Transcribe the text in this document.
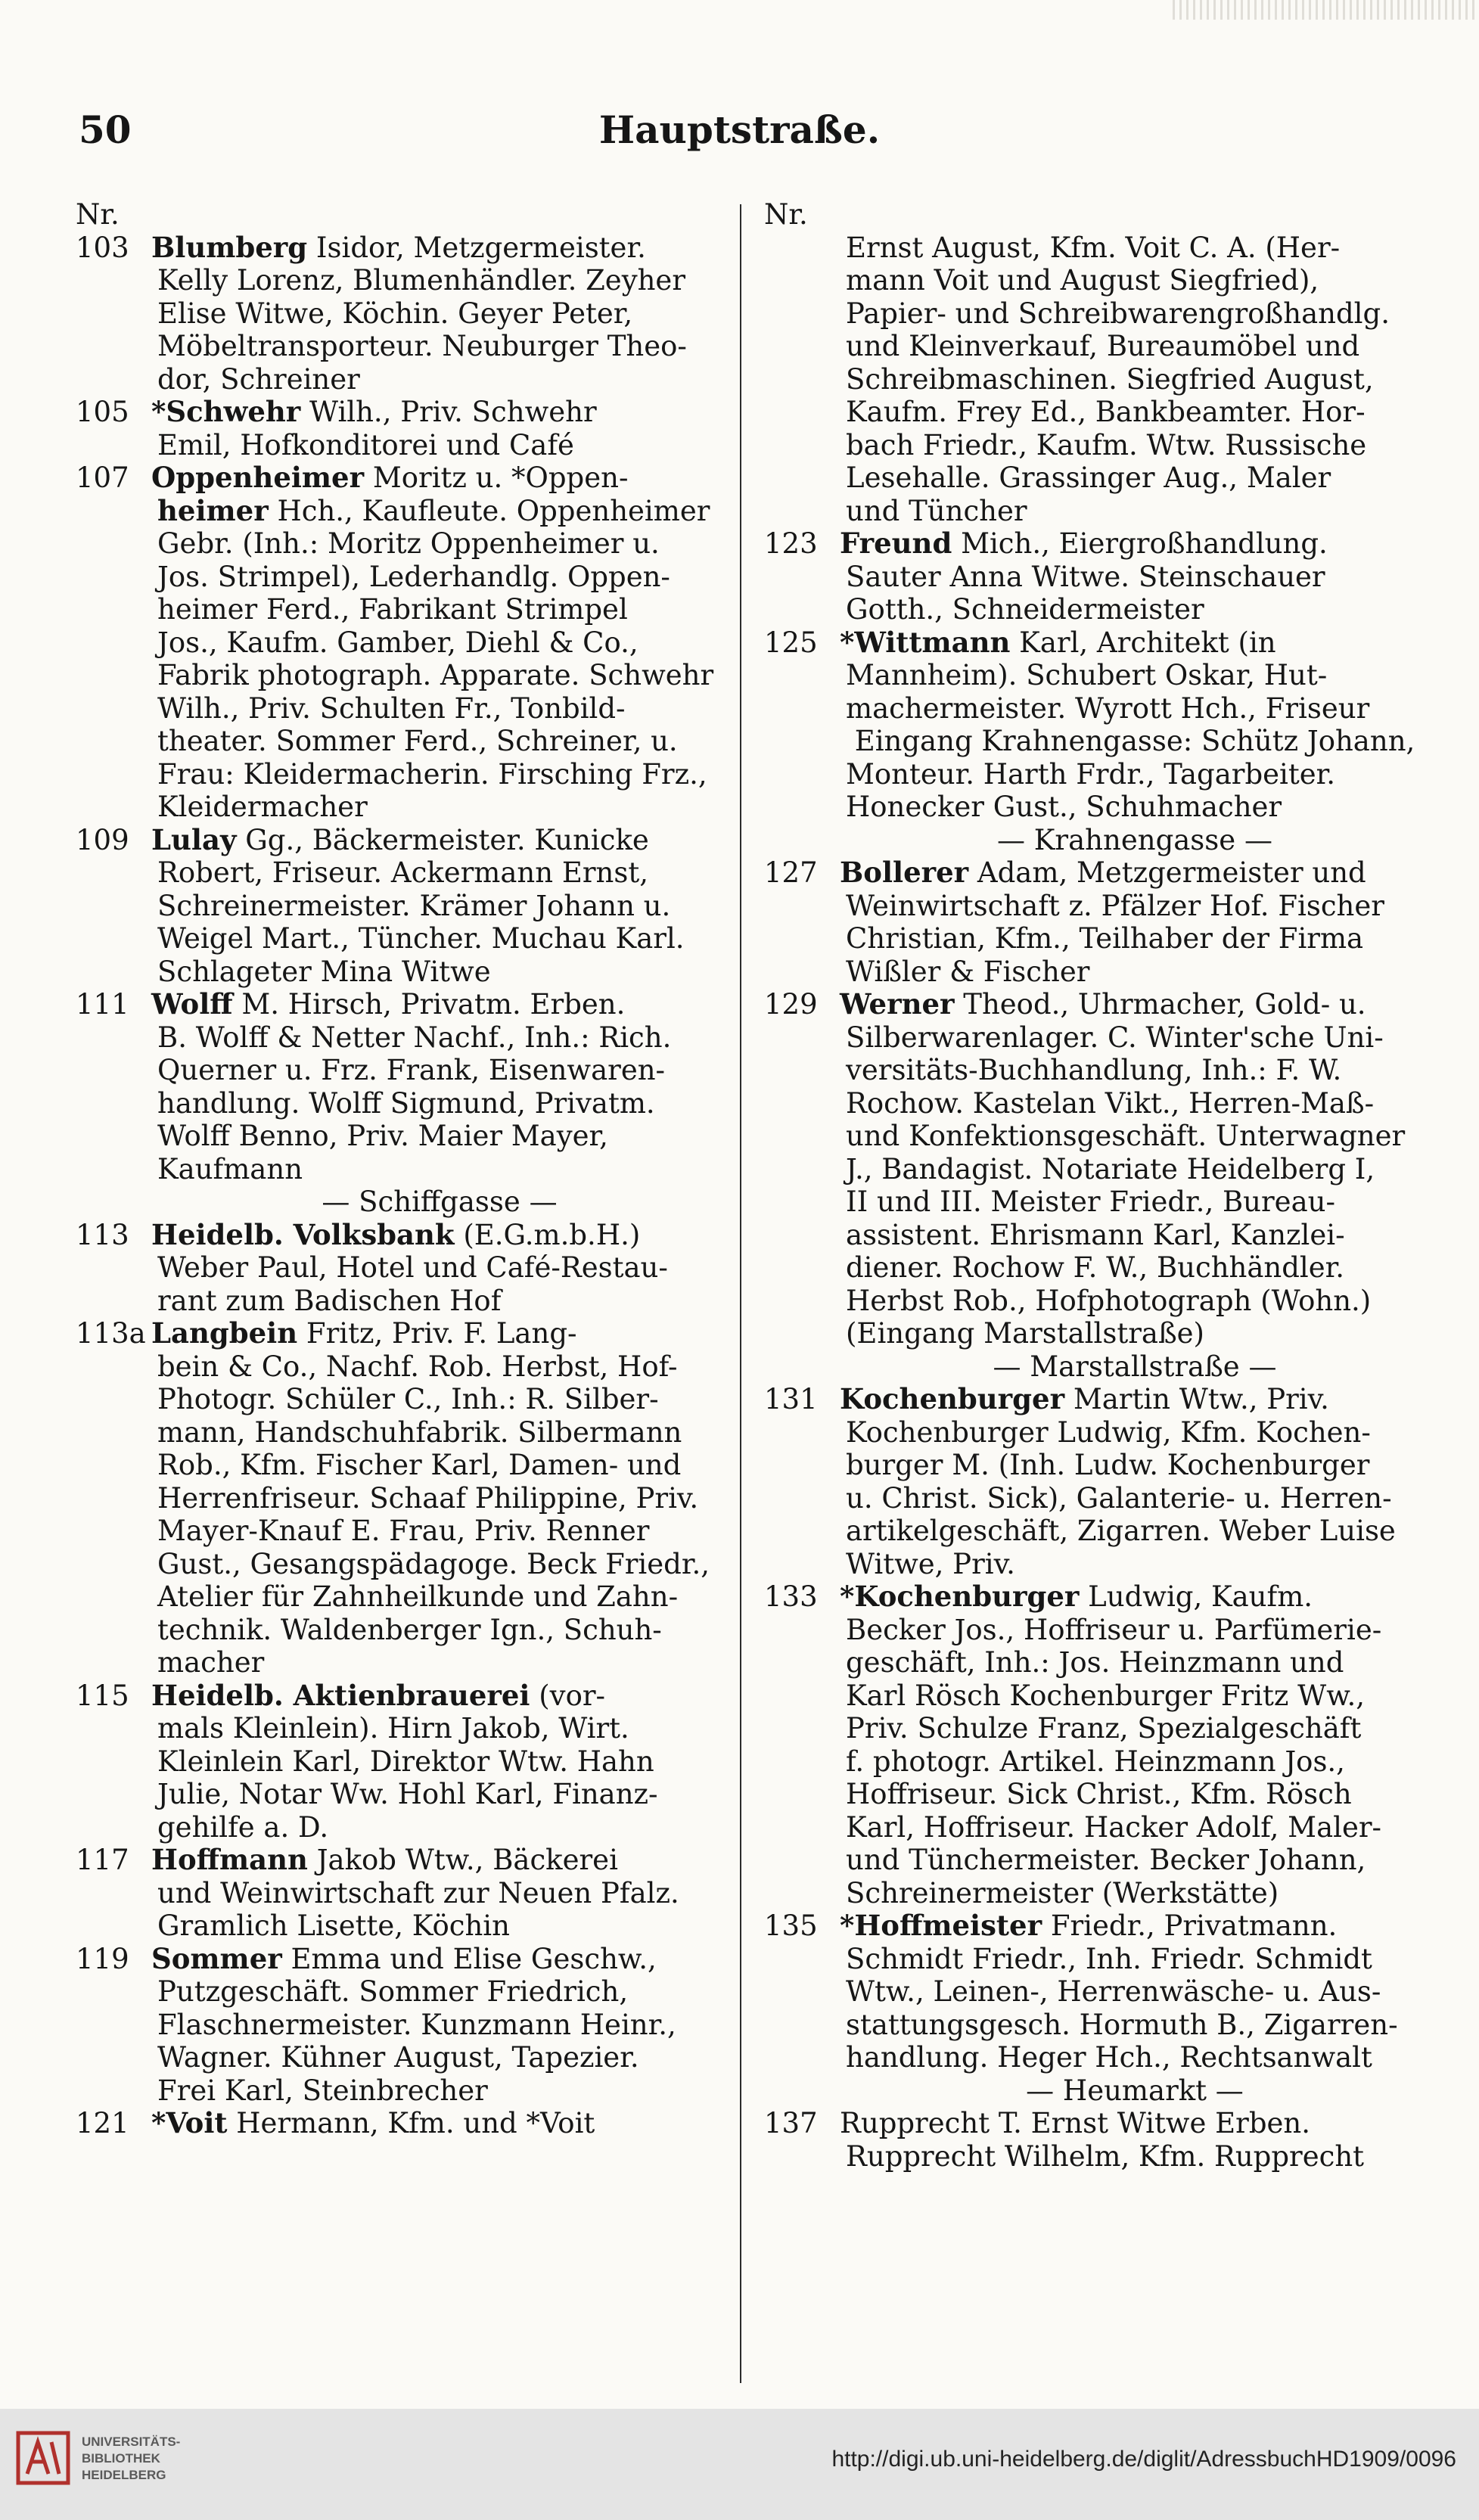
50	Hauptstraße.
Nr.
103 Blumberg Isidor, Metzgermeister.
Kelly Lorenz, Blumenhändler. Zeyher
Elise Witwe, Köchin. Geyer Peter,
Möbeltransporteur. Neuburger Theo-
dor, Schreiner
105 *Schwehr Wilh., Priv. Schwehr
Emil, Hofkonditorei und Café
107 Oppenheimer Moritz u. *Oppen-
heimer Hch., Kaufleute. Oppenheimer
Gebr. (Inh.: Moritz Oppenheimer u.
Jos. Strimpel), Lederhandlg. Oppen-
heimer Ferd., Fabrikant Strimpel
Jos., Kaufm. Gamber, Diehl & Co.,
Fabrik photograph. Apparate. Schwehr
Wilh., Priv. Schulten Fr., Tonbild-
theater. Sommer Ferd., Schreiner, u.
Frau: Kleidermacherin. Firsching Frz.,
Kleidermacher
109 Lulay Gg., Bäckermeister. Kunicke
Robert, Friseur. Ackermann Ernst,
Schreinermeister. Krämer Johann u.
Weigel Mart., Tüncher. Muchau Karl.
Schlageter Mina Witwe
111 Wolff M. Hirsch, Privatm. Erben.
B. Wolff & Netter Nachf., Inh.: Rich.
Querner u. Frz. Frank, Eisenwaren-
handlung. Wolff Sigmund, Privatm.
Wolff Benno, Priv. Maier Mayer,
Kaufmann
— Schiffgasse —
113 Heidelb. Volksbank (E.G.m.b.H.)
Weber Paul, Hotel und Café-Restau-
rant zum Badischen Hof
113a Langbein Fritz, Priv. F. Lang-
bein & Co., Nachf. Rob. Herbst, Hof-
Photogr. Schüler C., Inh.: R. Silber-
mann, Handschuhfabrik. Silbermann
Rob., Kfm. Fischer Karl, Damen- und
Herrenfriseur. Schaaf Philippine, Priv.
Mayer-Knauf E. Frau, Priv. Renner
Gust., Gesangspädagoge. Beck Friedr.,
Atelier für Zahnheilkunde und Zahn-
technik. Waldenberger Ign., Schuh-
macher
115 Heidelb. Aktienbrauerei (vor-
mals Kleinlein). Hirn Jakob, Wirt.
Kleinlein Karl, Direktor Wtw. Hahn
Julie, Notar Ww. Hohl Karl, Finanz-
gehilfe a. D.
117 Hoffmann Jakob Wtw., Bäckerei
und Weinwirtschaft zur Neuen Pfalz.
Gramlich Lisette, Köchin
119 Sommer Emma und Elise Geschw.,
Putzgeschäft. Sommer Friedrich,
Flaschnermeister. Kunzmann Heinr.,
Wagner. Kühner August, Tapezier.
Frei Karl, Steinbrecher
121 *Voit Hermann, Kfm. und *Voit
Nr.
Ernst August, Kfm. Voit C. A. (Her-
mann Voit und August Siegfried),
Papier- und Schreibwarengroßhandlg.
und Kleinverkauf, Bureaumöbel und
Schreibmaschinen. Siegfried August,
Kaufm. Frey Ed., Bankbeamter. Hor-
bach Friedr., Kaufm. Wtw. Russische
Lesehalle. Grassinger Aug., Maler
und Tüncher
123 Freund Mich., Eiergroßhandlung.
Sauter Anna Witwe. Steinschauer
Gotth., Schneidermeister
125 *Wittmann Karl, Architekt (in
Mannheim). Schubert Oskar, Hut-
machermeister. Wyrott Hch., Friseur
Eingang Krahnengasse: Schütz Johann,
Monteur. Harth Frdr., Tagarbeiter.
Honecker Gust., Schuhmacher
— Krahnengasse —
127 Bollerer Adam, Metzgermeister und
Weinwirtschaft z. Pfälzer Hof. Fischer
Christian, Kfm., Teilhaber der Firma
Wißler & Fischer
129 Werner Theod., Uhrmacher, Gold- u.
Silberwarenlager. C. Winter'sche Uni-
versitäts-Buchhandlung, Inh.: F. W.
Rochow. Kastelan Vikt., Herren-Maß-
und Konfektionsgeschäft. Unterwagner
J., Bandagist. Notariate Heidelberg I,
II und III. Meister Friedr., Bureau-
assistent. Ehrismann Karl, Kanzlei-
diener. Rochow F. W., Buchhändler.
Herbst Rob., Hofphotograph (Wohn.)
(Eingang Marstallstraße)
— Marstallstraße —
131 Kochenburger Martin Wtw., Priv.
Kochenburger Ludwig, Kfm. Kochen-
burger M. (Inh. Ludw. Kochenburger
u. Christ. Sick), Galanterie- u. Herren-
artikelgeschäft, Zigarren. Weber Luise
Witwe, Priv.
133 *Kochenburger Ludwig, Kaufm.
Becker Jos., Hoffriseur u. Parfümerie-
geschäft, Inh.: Jos. Heinzmann und
Karl Rösch Kochenburger Fritz Ww.,
Priv. Schulze Franz, Spezialgeschäft
f. photogr. Artikel. Heinzmann Jos.,
Hoffriseur. Sick Christ., Kfm. Rösch
Karl, Hoffriseur. Hacker Adolf, Maler-
und Tünchermeister. Becker Johann,
Schreinermeister (Werkstätte)
135 *Hoffmeister Friedr., Privatmann.
Schmidt Friedr., Inh. Friedr. Schmidt
Wtw., Leinen-, Herrenwäsche- u. Aus-
stattungsgesch. Hormuth B., Zigarren-
handlung. Heger Hch., Rechtsanwalt
— Heumarkt —
137 Rupprecht T. Ernst Witwe Erben.
Rupprecht Wilhelm, Kfm. Rupprecht
UNIVERSITÄTS-
BIBLIOTHEK
HEIDELBERG
http://digi.ub.uni-heidelberg.de/diglit/AdressbuchHD1909/0096
